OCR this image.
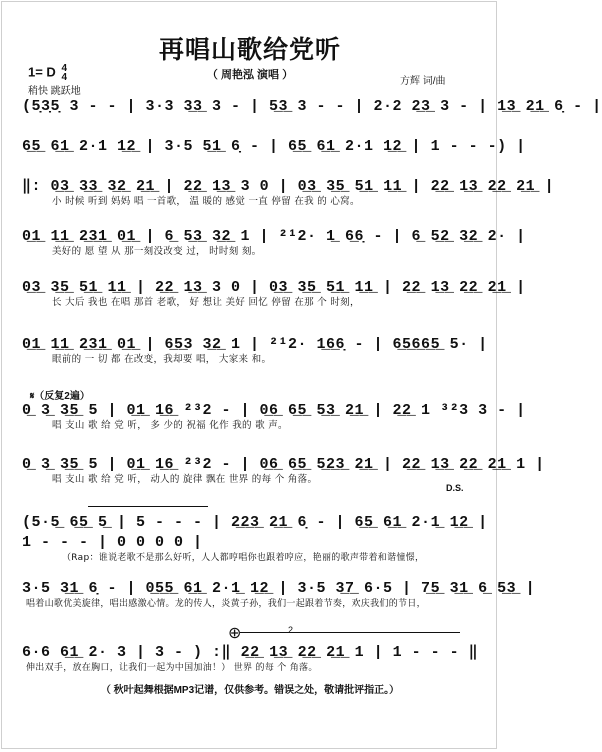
再唱山歌给党听
（ 周艳泓 演唱 ）
1= D 4
4
稍快 跳跃地
方辉 词/曲
(5̣3̣5̣ 3 - - | 3·3 3̲3̲ 3 - | 5̲3̲ 3 - - | 2·2 2̲3̲ 3 - | 1̲3̲ 2̲1̲ 6̣ - |
6̲5̲ 6̲1̲ 2·1 1̲2̲ | 3·5 5̲1̲ 6̣ - | 6̲5̲ 6̲1̲ 2·1 1̲2̲ | 1 - - -) |
‖: 0̲3̲ 3̲3̲ 3̲2̲ 2̲1̲ | 2̲2̲ 1̲3̲ 3 0 | 0̲3̲ 3̲5̲ 5̲1̲ 1̲1̲ | 2̲2̲ 1̲3̲ 2̲2̲ 2̲1̲ |
小 时候 听到 妈妈 唱 一首歌， 温 暖的 感觉 一直 停留 在我 的 心窝。
0̲1̲ 1̲1̲ 2̲3̲1̲ 0̲1̲ | 6̲ 5̲3̲ 3̲2̲ 1 | ²¹2· 1̲ 6̲6̣ - | 6̲ 5̲2̲ 3̲2̲ 2· |
美好的 愿 望 从 那一刻没改变 过， 时时刻 刻。
0̲3̲ 3̲5̲ 5̲1̲ 1̲1̲ | 2̲2̲ 1̲3̲ 3 0 | 0̲3̲ 3̲5̲ 5̲1̲ 1̲1̲ | 2̲2̲ 1̲3̲ 2̲2̲ 2̲1̲ |
长 大后 我也 在唱 那首 老歌， 好 想让 美好 回忆 停留 在那 个 时刻，
0̲1̲ 1̲1̲ 2̲3̲1̲ 0̲1̲ | 6̲5̲3 3̲2̲ 1 | ²¹2· 1̲6̲6̣ - | 6̲5̲6̲6̲5̲ 5· |
眼前的 一 切 都 在改变，我却要 唱， 大家来 和。
𝄋（反复2遍）
0̲ 3̲ 3̲5̲ 5 | 0̲1̲ 1̲6̲ ²³2 - | 0̲6̲ 6̲5̲ 5̲3̲ 2̲1̲ | 2̲2̲ 1 ³²3 3 - |
唱 支山 歌 给 党 听， 多 少的 祝福 化作 我的 歌 声。
0̲ 3̲ 3̲5̲ 5 | 0̲1̲ 1̲6̲ ²³2 - | 0̲6̲ 6̲5̲ 5̲2̲3̲ 2̲1̲ | 2̲2̲ 1̲3̲ 2̲2̲ 2̲1̲ 1 |
唱 支山 歌 给 党 听， 动人的 旋律 飘在 世界 的每 个 角落。
D.S.
(5·5̲ 6̲5̲ 5̲ | 5 - - - | 2̲2̲3̲ 2̲1̲ 6̣ - | 6̲5̲ 6̲1̲ 2·1̲ 1̲2̲ |
1 - - - | 0 0 0 0 |
（Rap：谁说老歌不是那么好听，人人都哼唱你也跟着哼应，艳丽的歌声带着和谐憧憬，
3·5 3̲1̲ 6̣ - | 0̲5̲5̲ 6̲1̲ 2·1̲ 1̲2̲ | 3·5 3̲7̲ 6·5 | 7̲5̲ 3̲1̲ 6̲ 5̲3̲ |
唱着山歌优美旋律，唱出感激心情。龙的传人，炎黄子孙，我们一起跟着节奏，欢庆我们的节日，
⊕	2
6·6 6̲1̲ 2· 3 | 3 - ) :‖ 2̲2̲ 1̲3̲ 2̲2̲ 2̲1̲ 1 | 1 - - - ‖
伸出双手，放在胸口，让我们一起为中国加油！） 世界 的每 个 角落。
（ 秋叶起舞根据MP3记谱，仅供参考。错误之处，敬请批评指正。）
